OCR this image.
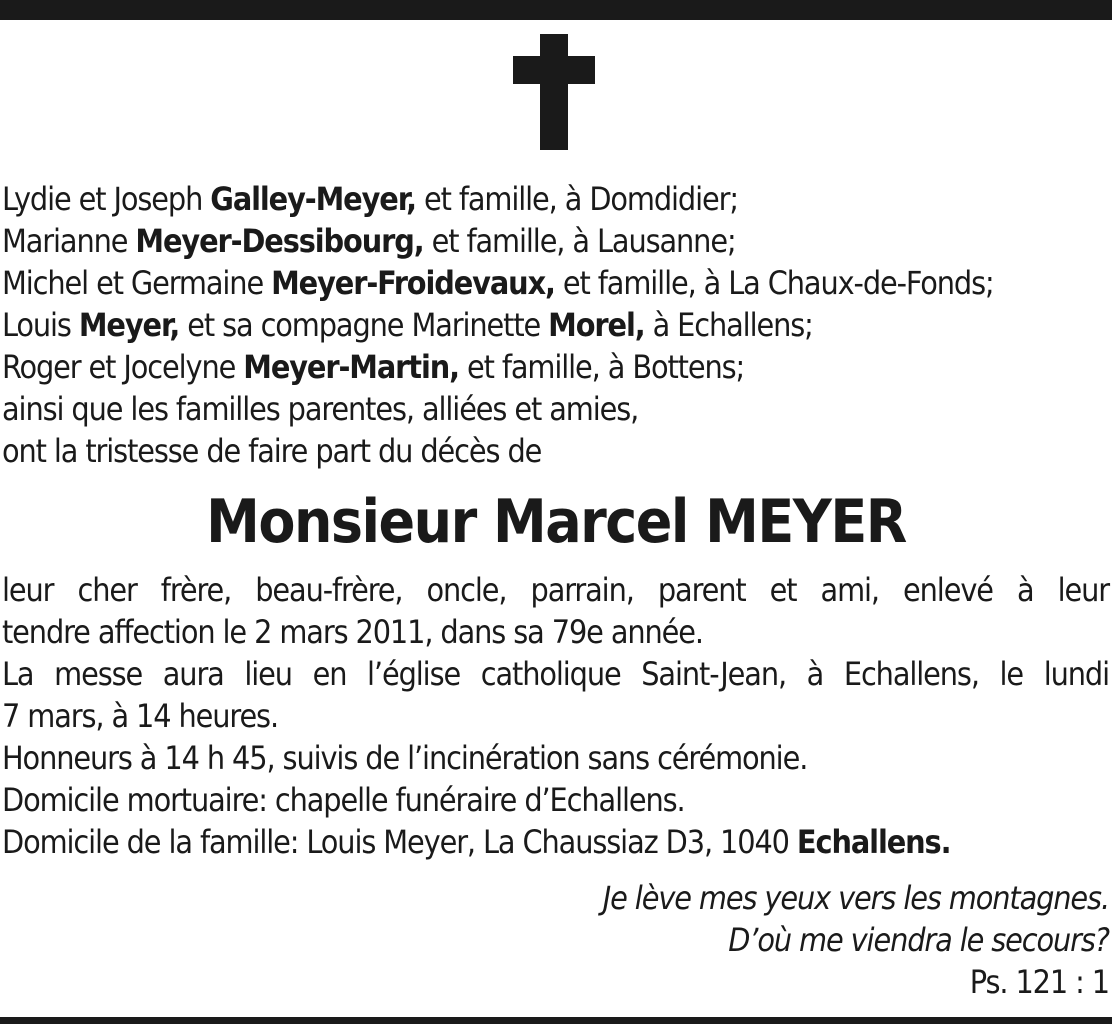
Lydie et Joseph Galley-Meyer, et famille, à Domdidier;
Marianne Meyer-Dessibourg, et famille, à Lausanne;
Michel et Germaine Meyer-Froidevaux, et famille, à La Chaux-de-Fonds;
Louis Meyer, et sa compagne Marinette Morel, à Echallens;
Roger et Jocelyne Meyer-Martin, et famille, à Bottens;
ainsi que les familles parentes, alliées et amies,
ont la tristesse de faire part du décès de
Monsieur Marcel MEYER
leur cher frère, beau-frère, oncle, parrain, parent et ami, enlevé à leur
tendre affection le 2 mars 2011, dans sa 79e année.
La messe aura lieu en l’église catholique Saint-Jean, à Echallens, le lundi
7 mars, à 14 heures.
Honneurs à 14 h 45, suivis de l’incinération sans cérémonie.
Domicile mortuaire: chapelle funéraire d’Echallens.
Domicile de la famille: Louis Meyer, La Chaussiaz D3, 1040 Echallens.
Je lève mes yeux vers les montagnes.
D’où me viendra le secours?
Ps. 121 : 1
